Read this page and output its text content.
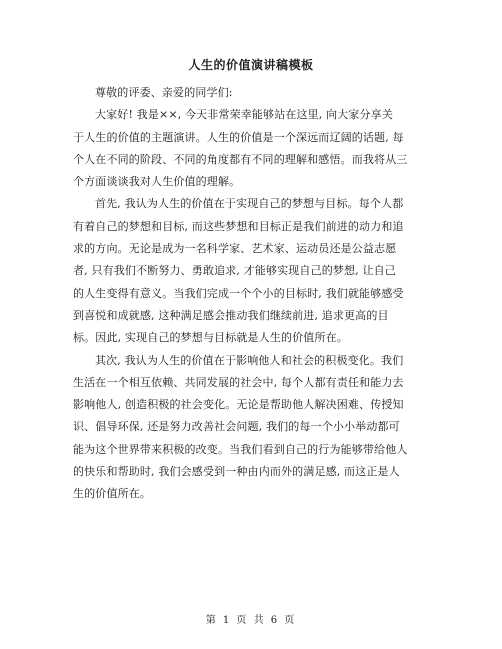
人生的价值演讲稿模板
尊敬的评委、亲爱的同学们:
大家好! 我是××, 今天非常荣幸能够站在这里, 向大家分享关
于人生的价值的主题演讲。人生的价值是一个深远而辽阔的话题, 每
个人在不同的阶段、不同的角度都有不同的理解和感悟。而我将从三
个方面谈谈我对人生价值的理解。
首先, 我认为人生的价值在于实现自己的梦想与目标。每个人都
有着自己的梦想和目标, 而这些梦想和目标正是我们前进的动力和追
求的方向。无论是成为一名科学家、艺术家、运动员还是公益志愿
者, 只有我们不断努力、勇敢追求, 才能够实现自己的梦想, 让自己
的人生变得有意义。当我们完成一个个小的目标时, 我们就能够感受
到喜悦和成就感, 这种满足感会推动我们继续前进, 追求更高的目
标。因此, 实现自己的梦想与目标就是人生的价值所在。
其次, 我认为人生的价值在于影响他人和社会的积极变化。我们
生活在一个相互依赖、共同发展的社会中, 每个人都有责任和能力去
影响他人, 创造积极的社会变化。无论是帮助他人解决困难、传授知
识、倡导环保, 还是努力改善社会问题, 我们的每一个小小举动都可
能为这个世界带来积极的改变。当我们看到自己的行为能够带给他人
的快乐和帮助时, 我们会感受到一种由内而外的满足感, 而这正是人
生的价值所在。
第 1 页 共 6 页
